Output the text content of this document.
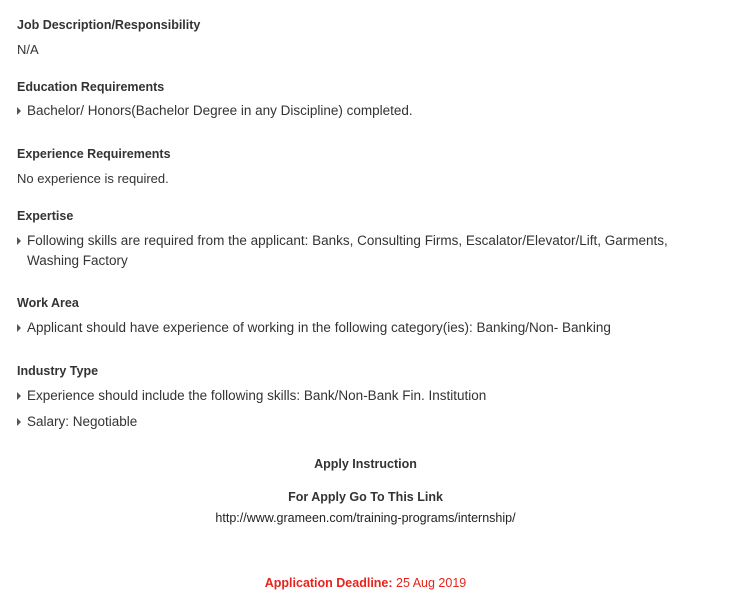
Job Description/Responsibility

N/A

Education Requirements

Bachelor/ Honors(Bachelor Degree in any Discipline) completed.

Experience Requirements

No experience is required.

Expertise

Following skills are required from the applicant: Banks, Consulting Firms, Escalator/Elevator/Lift, Garments, Washing Factory

Work Area

Applicant should have experience of working in the following category(ies): Banking/Non- Banking

Industry Type

Experience should include the following skills: Bank/Non-Bank Fin. Institution
Salary: Negotiable
Apply Instruction
For Apply Go To This Link
http://www.grameen.com/training-programs/internship/
Application Deadline: 25 Aug 2019
